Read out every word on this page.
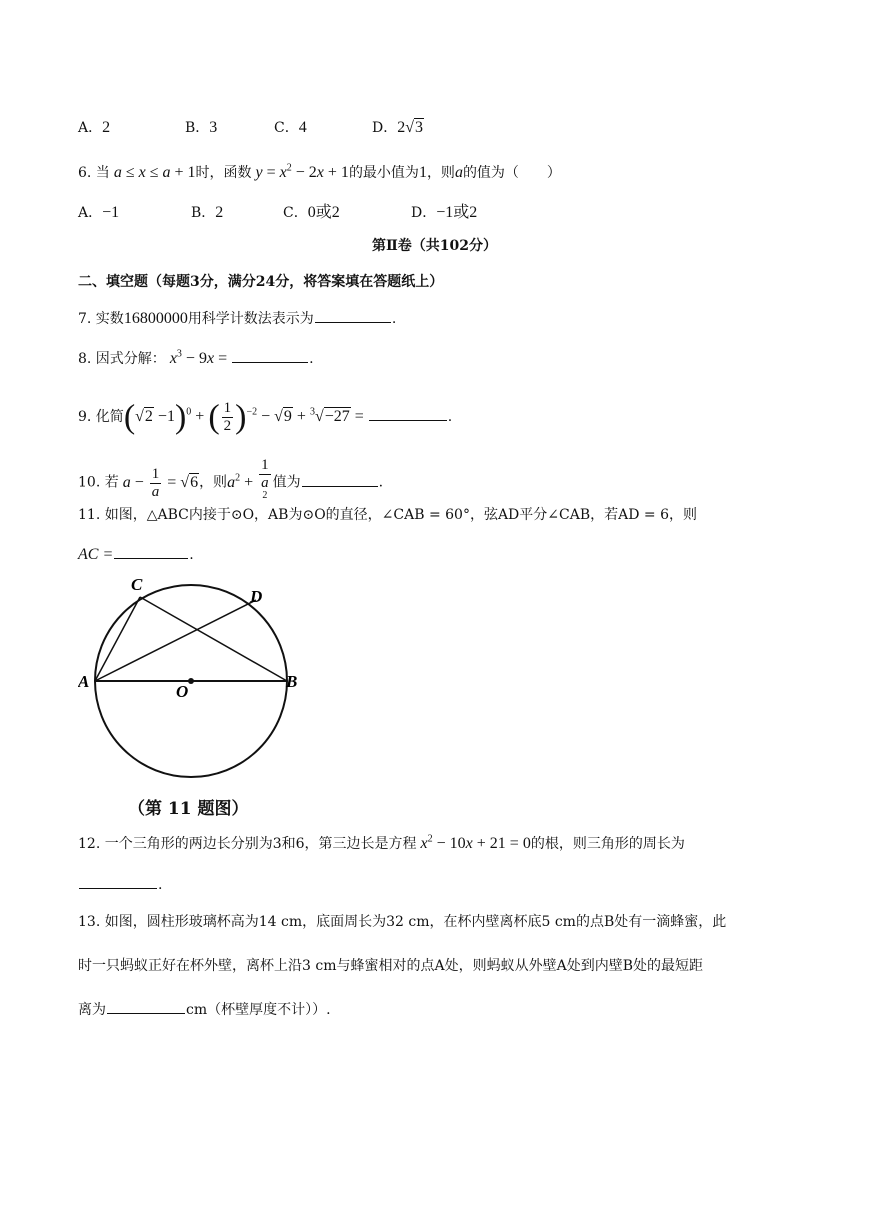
A．2	B．3	C．4	D．2√3
6. 当 a ≤ x ≤ a + 1时，函数 $y = x^2 - 2x + 1$的最小值为1，则a的值为（　　）
A．−1	B．2	C．0或2	D．−1或2
第Ⅱ卷（共102分）
二、填空题（每题3分，满分24分，将答案填在答题纸上）
7. 实数16800000用科学计数法表示为	.
8. 因式分解： $x^3 - 9x$ =	.
9. 化简$(√2 -1)^0$ + ( $\frac{1}{2} )^{-2} - √9 + ^3√-27$ =	.
10. 若 $a - \frac{1}{a} = √6$，则$a^2 + 1$
a
$^2$ 值为	.
11. 如图，△ABC内接于⊙O，AB为⊙O的直径，∠CAB = 60°，弦AD平分∠CAB，若AD = 6，则
AC =	.
A	B
C
D
O
（第 11 题图）
12. 一个三角形的两边长分别为3和6，第三边长是方程 $x^2 - 10x + 21 = 0$的根，则三角形的周长为
.
13. 如图，圆柱形玻璃杯高为14 cm，底面周长为32 cm，在杯内壁离杯底5 cm的点B处有一滴蜂蜜，此
时一只蚂蚁正好在杯外壁，离杯上沿3 cm与蜂蜜相对的点A处，则蚂蚁从外壁A处到内壁B处的最短距
离为	cm（杯壁厚度不计））.
